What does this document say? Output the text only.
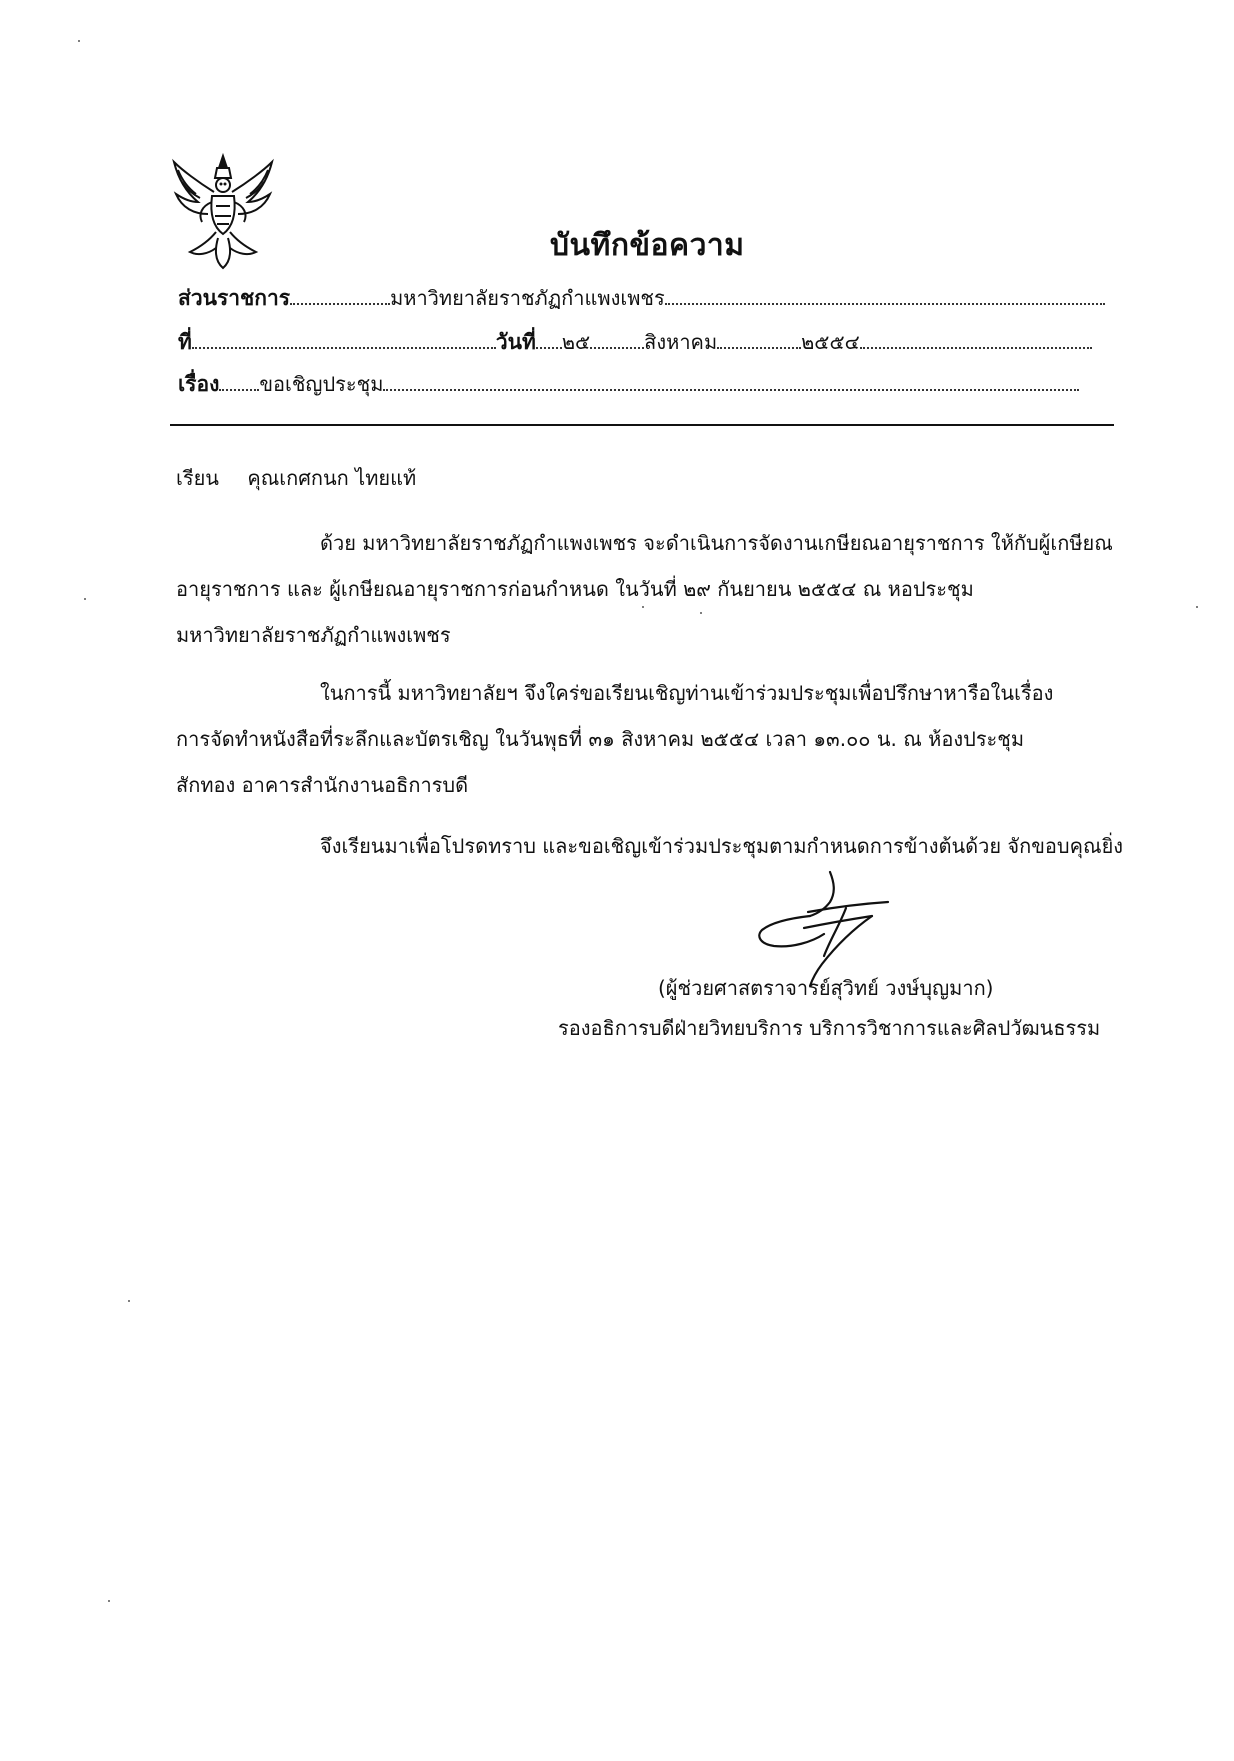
บันทึกข้อความ
ส่วนราชการ	มหาวิทยาลัยราชภัฏกำแพงเพชร
ที่	วันที่ ๒๕	สิงหาคม	๒๕๕๔
เรื่อง ขอเชิญประชุม
เรียน คุณเกศกนก ไทยแท้
ด้วย มหาวิทยาลัยราชภัฏกำแพงเพชร จะดำเนินการจัดงานเกษียณอายุราชการ ให้กับผู้เกษียณ
อายุราชการ และ ผู้เกษียณอายุราชการก่อนกำหนด ในวันที่ ๒๙ กันยายน ๒๕๕๔ ณ หอประชุม
มหาวิทยาลัยราชภัฏกำแพงเพชร
ในการนี้ มหาวิทยาลัยฯ จึงใคร่ขอเรียนเชิญท่านเข้าร่วมประชุมเพื่อปรึกษาหารือในเรื่อง
การจัดทำหนังสือที่ระลึกและบัตรเชิญ ในวันพุธที่ ๓๑ สิงหาคม ๒๕๕๔ เวลา ๑๓.๐๐ น. ณ ห้องประชุม
สักทอง อาคารสำนักงานอธิการบดี
จึงเรียนมาเพื่อโปรดทราบ และขอเชิญเข้าร่วมประชุมตามกำหนดการข้างต้นด้วย จักขอบคุณยิ่ง
(ผู้ช่วยศาสตราจารย์สุวิทย์ วงษ์บุญมาก)
รองอธิการบดีฝ่ายวิทยบริการ บริการวิชาการและศิลปวัฒนธรรม
